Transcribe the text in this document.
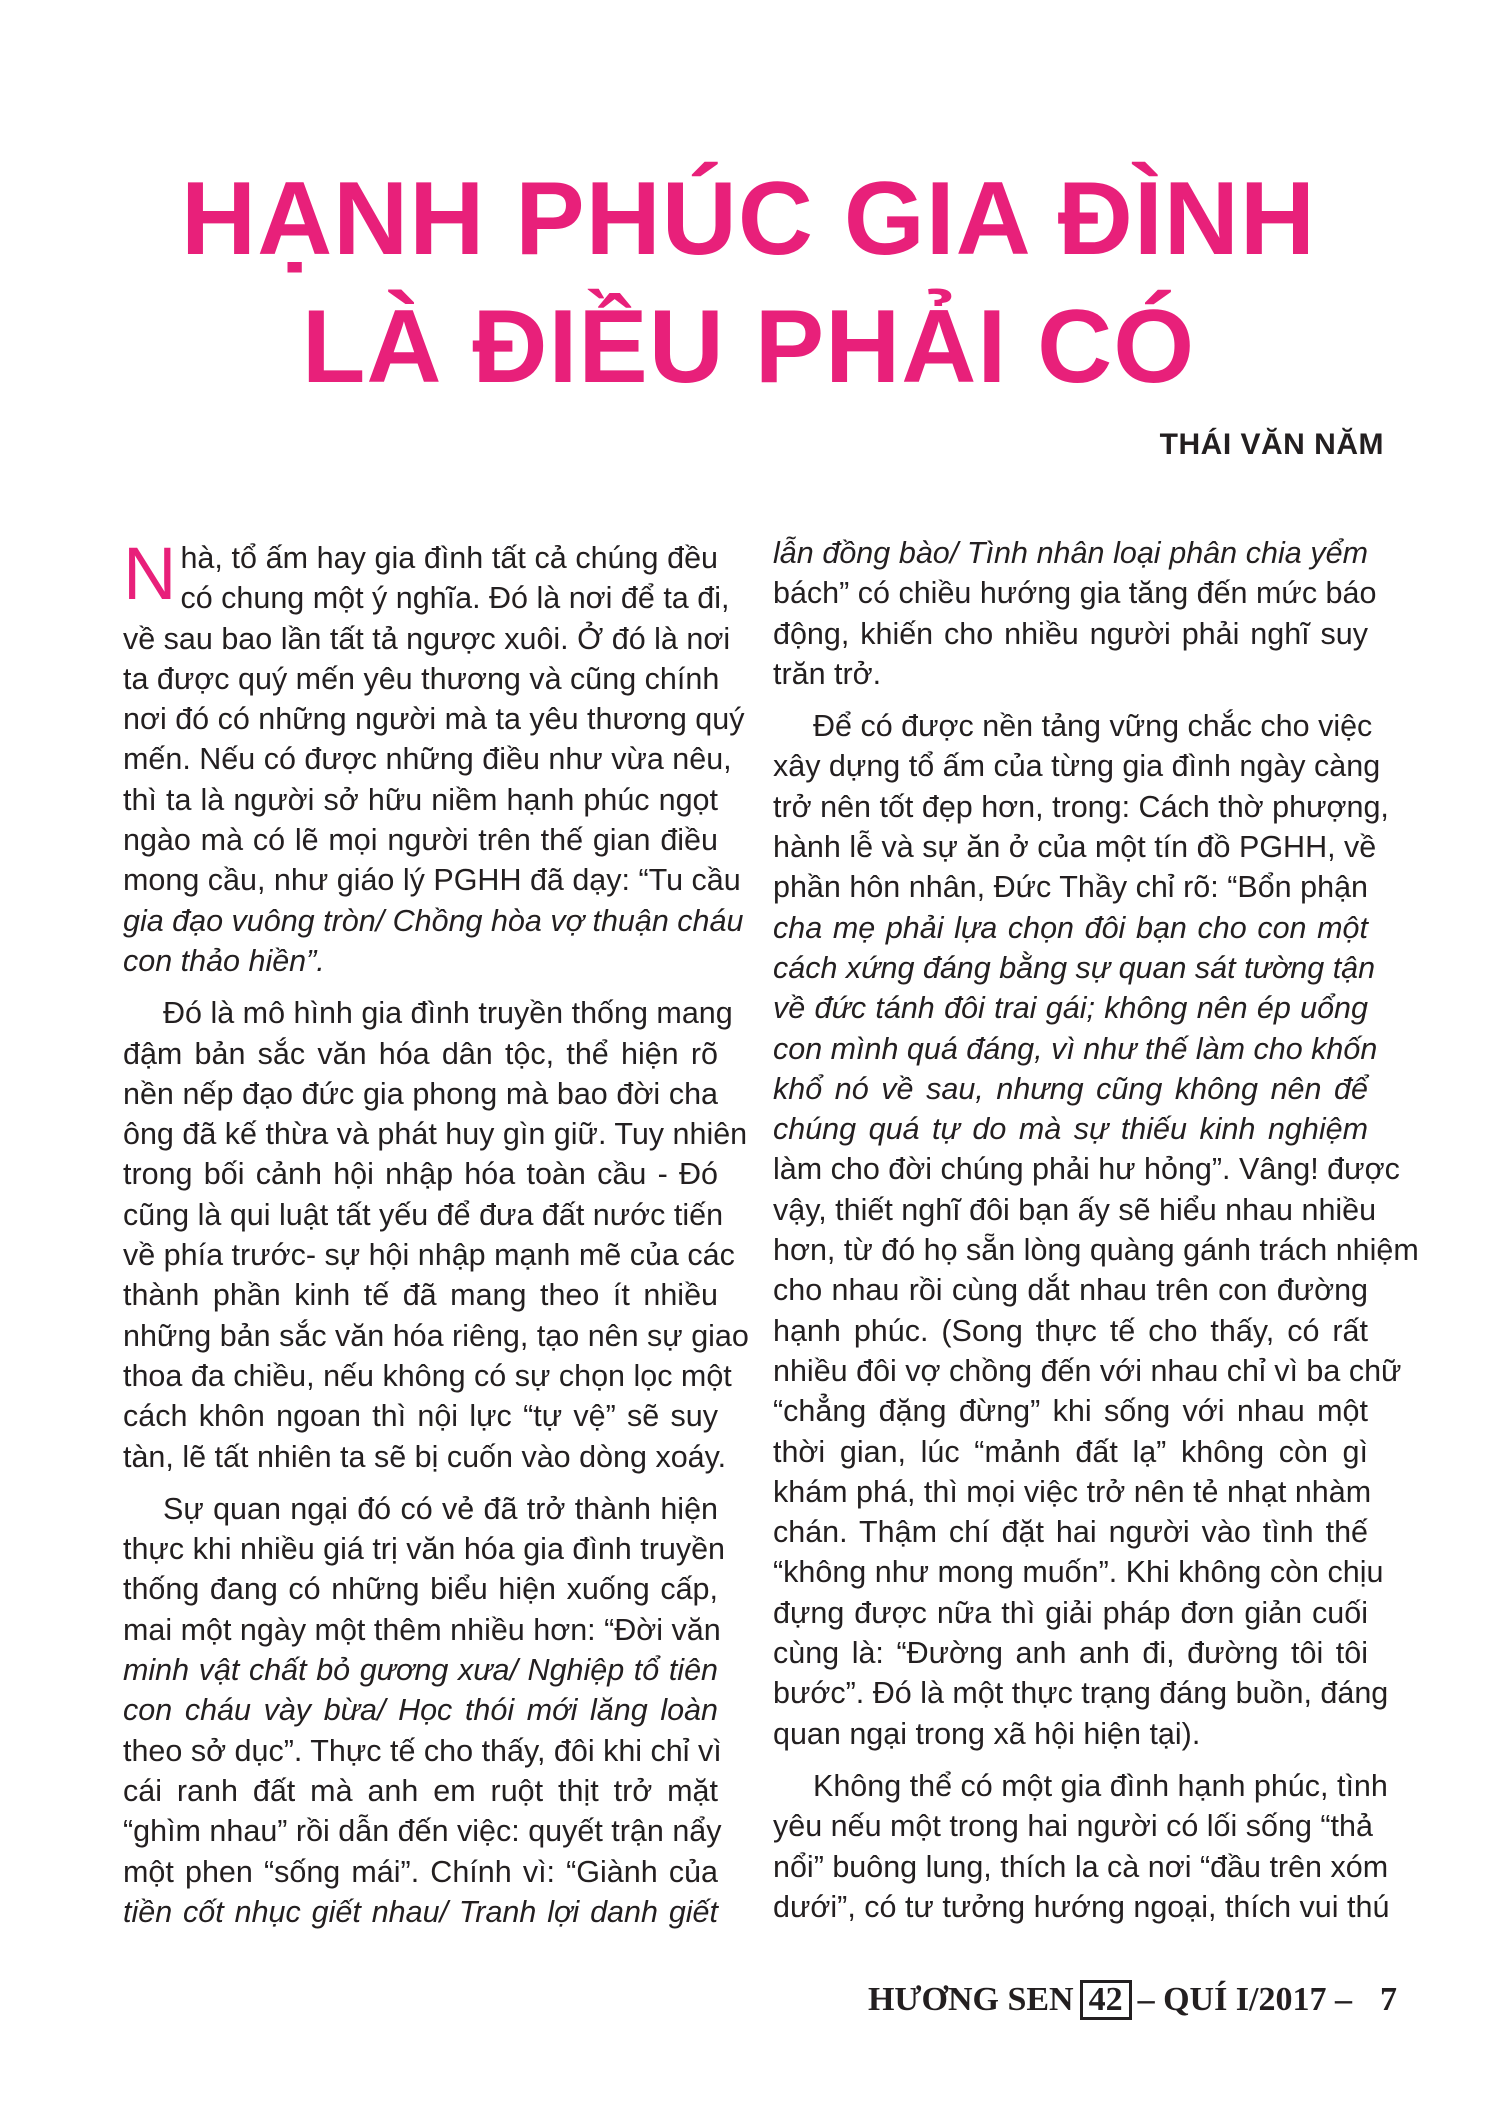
HẠNH PHÚC GIA ĐÌNH
LÀ ĐIỀU PHẢI CÓ
THÁI VĂN NĂM
Nhà, tổ ấm hay gia đình tất cả chúng đều
có chung một ý nghĩa. Đó là nơi để ta đi,
về sau bao lần tất tả ngược xuôi. Ở đó là nơi
ta được quý mến yêu thương và cũng chính
nơi đó có những người mà ta yêu thương quý
mến. Nếu có được những điều như vừa nêu,
thì ta là người sở hữu niềm hạnh phúc ngọt
ngào mà có lẽ mọi người trên thế gian điều
mong cầu, như giáo lý PGHH đã dạy: “Tu cầu
gia đạo vuông tròn/ Chồng hòa vợ thuận cháu
con thảo hiền”.
Đó là mô hình gia đình truyền thống mang
đậm bản sắc văn hóa dân tộc, thể hiện rõ
nền nếp đạo đức gia phong mà bao đời cha
ông đã kế thừa và phát huy gìn giữ. Tuy nhiên
trong bối cảnh hội nhập hóa toàn cầu - Đó
cũng là qui luật tất yếu để đưa đất nước tiến
về phía trước- sự hội nhập mạnh mẽ của các
thành phần kinh tế đã mang theo ít nhiều
những bản sắc văn hóa riêng, tạo nên sự giao
thoa đa chiều, nếu không có sự chọn lọc một
cách khôn ngoan thì nội lực “tự vệ” sẽ suy
tàn, lẽ tất nhiên ta sẽ bị cuốn vào dòng xoáy.
Sự quan ngại đó có vẻ đã trở thành hiện
thực khi nhiều giá trị văn hóa gia đình truyền
thống đang có những biểu hiện xuống cấp,
mai một ngày một thêm nhiều hơn: “Đời văn
minh vật chất bỏ gương xưa/ Nghiệp tổ tiên
con cháu vày bừa/ Học thói mới lăng loàn
theo sở dục”. Thực tế cho thấy, đôi khi chỉ vì
cái ranh đất mà anh em ruột thịt trở mặt
“ghìm nhau” rồi dẫn đến việc: quyết trận nẩy
một phen “sống mái”. Chính vì: “Giành của
tiền cốt nhục giết nhau/ Tranh lợi danh giết
lẫn đồng bào/ Tình nhân loại phân chia yểm
bách” có chiều hướng gia tăng đến mức báo
động, khiến cho nhiều người phải nghĩ suy
trăn trở.
Để có được nền tảng vững chắc cho việc
xây dựng tổ ấm của từng gia đình ngày càng
trở nên tốt đẹp hơn, trong: Cách thờ phượng,
hành lễ và sự ăn ở của một tín đồ PGHH, về
phần hôn nhân, Đức Thầy chỉ rõ: “Bổn phận
cha mẹ phải lựa chọn đôi bạn cho con một
cách xứng đáng bằng sự quan sát tường tận
về đức tánh đôi trai gái; không nên ép uổng
con mình quá đáng, vì như thế làm cho khốn
khổ nó về sau, nhưng cũng không nên để
chúng quá tự do mà sự thiếu kinh nghiệm
làm cho đời chúng phải hư hỏng”. Vâng! được
vậy, thiết nghĩ đôi bạn ấy sẽ hiểu nhau nhiều
hơn, từ đó họ sẵn lòng quàng gánh trách nhiệm
cho nhau rồi cùng dắt nhau trên con đường
hạnh phúc. (Song thực tế cho thấy, có rất
nhiều đôi vợ chồng đến với nhau chỉ vì ba chữ
“chẳng đặng đừng” khi sống với nhau một
thời gian, lúc “mảnh đất lạ” không còn gì
khám phá, thì mọi việc trở nên tẻ nhạt nhàm
chán. Thậm chí đặt hai người vào tình thế
“không như mong muốn”. Khi không còn chịu
đựng được nữa thì giải pháp đơn giản cuối
cùng là: “Đường anh anh đi, đường tôi tôi
bước”. Đó là một thực trạng đáng buồn, đáng
quan ngại trong xã hội hiện tại).
Không thể có một gia đình hạnh phúc, tình
yêu nếu một trong hai người có lối sống “thả
nổi” buông lung, thích la cà nơi “đầu trên xóm
dưới”, có tư tưởng hướng ngoại, thích vui thú
HƯƠNG SEN 42 – QUÍ I/2017 – 7
